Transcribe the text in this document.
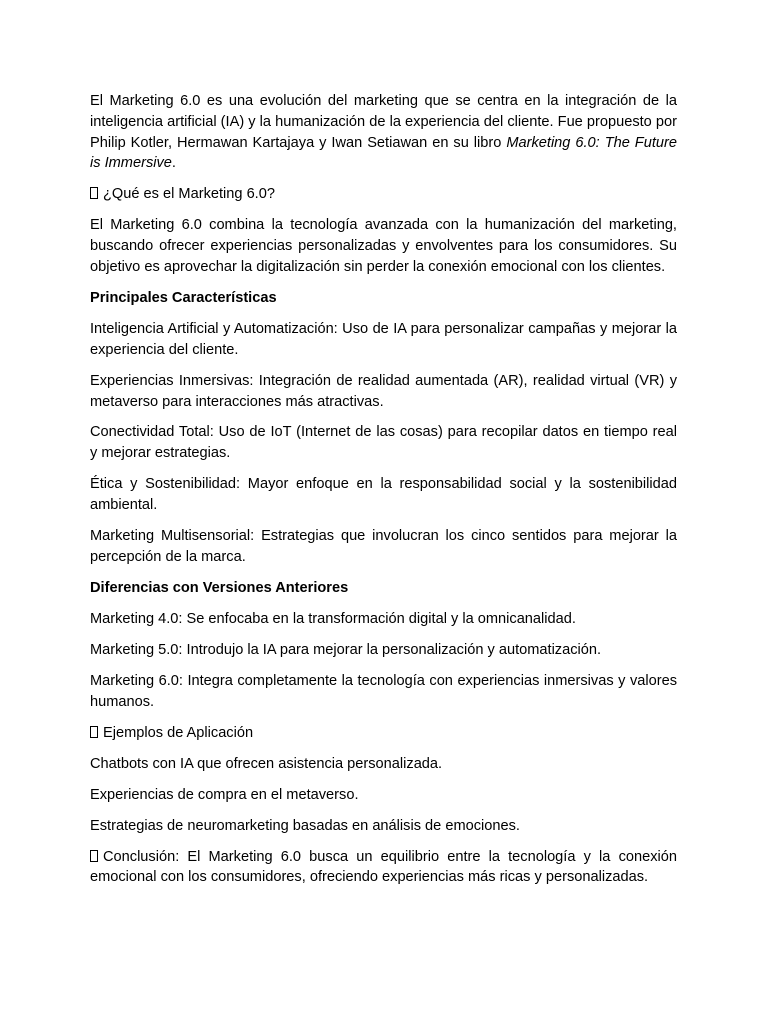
El Marketing 6.0 es una evolución del marketing que se centra en la integración de la inteligencia artificial (IA) y la humanización de la experiencia del cliente. Fue propuesto por Philip Kotler, Hermawan Kartajaya y Iwan Setiawan en su libro Marketing 6.0: The Future is Immersive.

¿Qué es el Marketing 6.0?

El Marketing 6.0 combina la tecnología avanzada con la humanización del marketing, buscando ofrecer experiencias personalizadas y envolventes para los consumidores. Su objetivo es aprovechar la digitalización sin perder la conexión emocional con los clientes.

Principales Características

Inteligencia Artificial y Automatización: Uso de IA para personalizar campañas y mejorar la experiencia del cliente.

Experiencias Inmersivas: Integración de realidad aumentada (AR), realidad virtual (VR) y metaverso para interacciones más atractivas.

Conectividad Total: Uso de IoT (Internet de las cosas) para recopilar datos en tiempo real y mejorar estrategias.

Ética y Sostenibilidad: Mayor enfoque en la responsabilidad social y la sostenibilidad ambiental.

Marketing Multisensorial: Estrategias que involucran los cinco sentidos para mejorar la percepción de la marca.

Diferencias con Versiones Anteriores

Marketing 4.0: Se enfocaba en la transformación digital y la omnicanalidad.

Marketing 5.0: Introdujo la IA para mejorar la personalización y automatización.

Marketing 6.0: Integra completamente la tecnología con experiencias inmersivas y valores humanos.

Ejemplos de Aplicación

Chatbots con IA que ofrecen asistencia personalizada.

Experiencias de compra en el metaverso.

Estrategias de neuromarketing basadas en análisis de emociones.

Conclusión: El Marketing 6.0 busca un equilibrio entre la tecnología y la conexión emocional con los consumidores, ofreciendo experiencias más ricas y personalizadas.
